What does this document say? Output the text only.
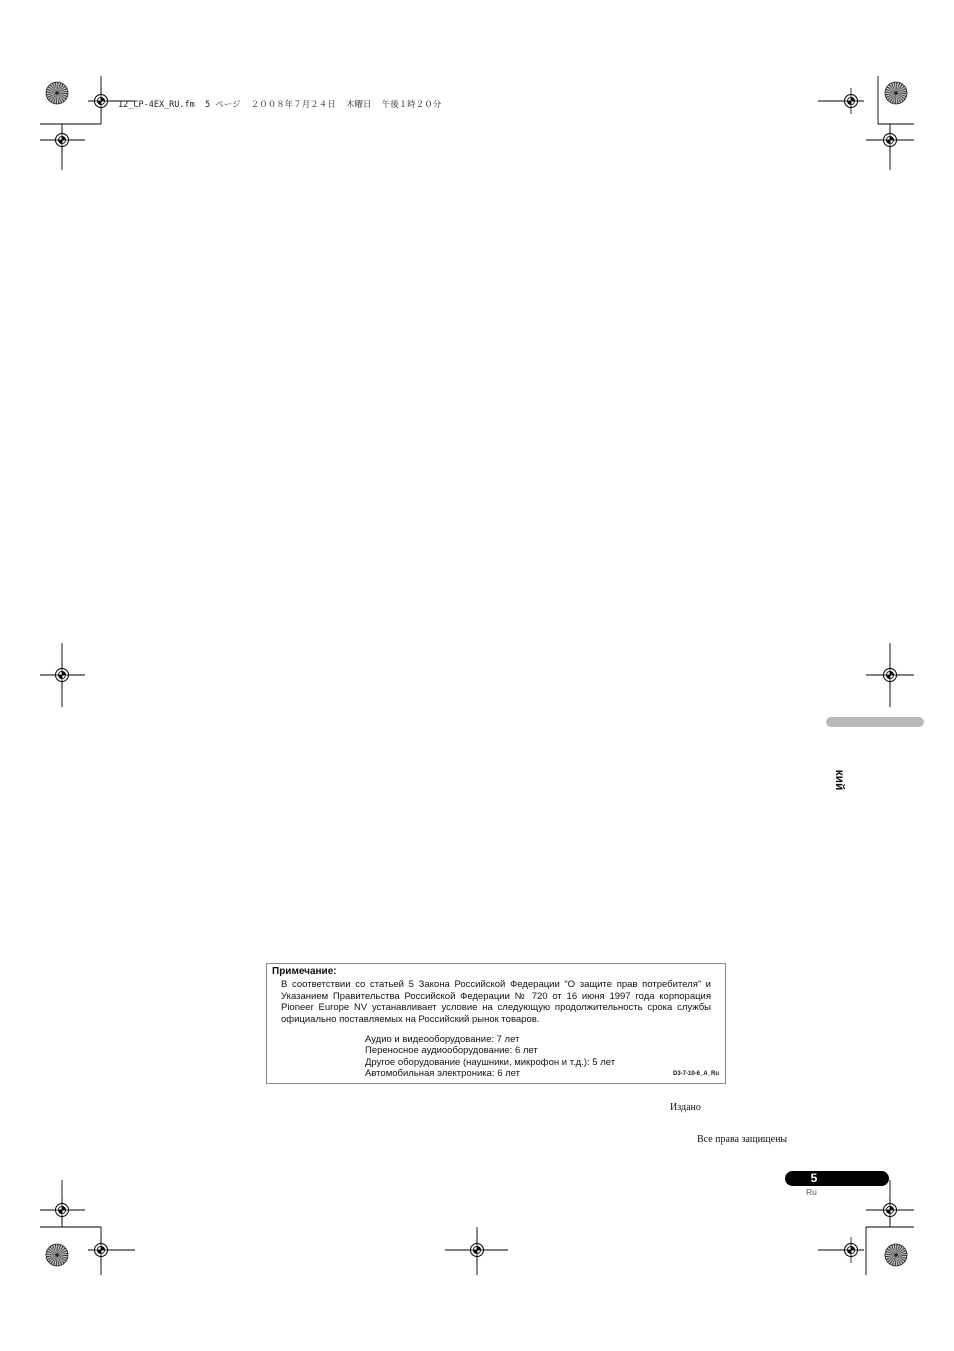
12_CP-4EX_RU.fm  5 ページ  ２００８年７月２４日  木曜日  午後１時２０分
кий
Примечание:
В соответствии со статьей 5 Закона Российской Федерации “О защите прав потребителя” и
Указанием Правительства Российской Федерации № 720 от 16 июня 1997 года корпорация
Pioneer Europe NV устанавливает условие на следующую продолжительность срока службы
официально поставляемых на Российский рынок товаров.
Аудио и видеооборудование: 7 лет
Переносное аудиооборудование: 6 лет
Другое оборудование (наушники, микрофон и т.д.): 5 лет
Автомобильная электроника: 6 лет	D3-7-10-6_A_Ru
Издано
Все права защищены
5
Ru
